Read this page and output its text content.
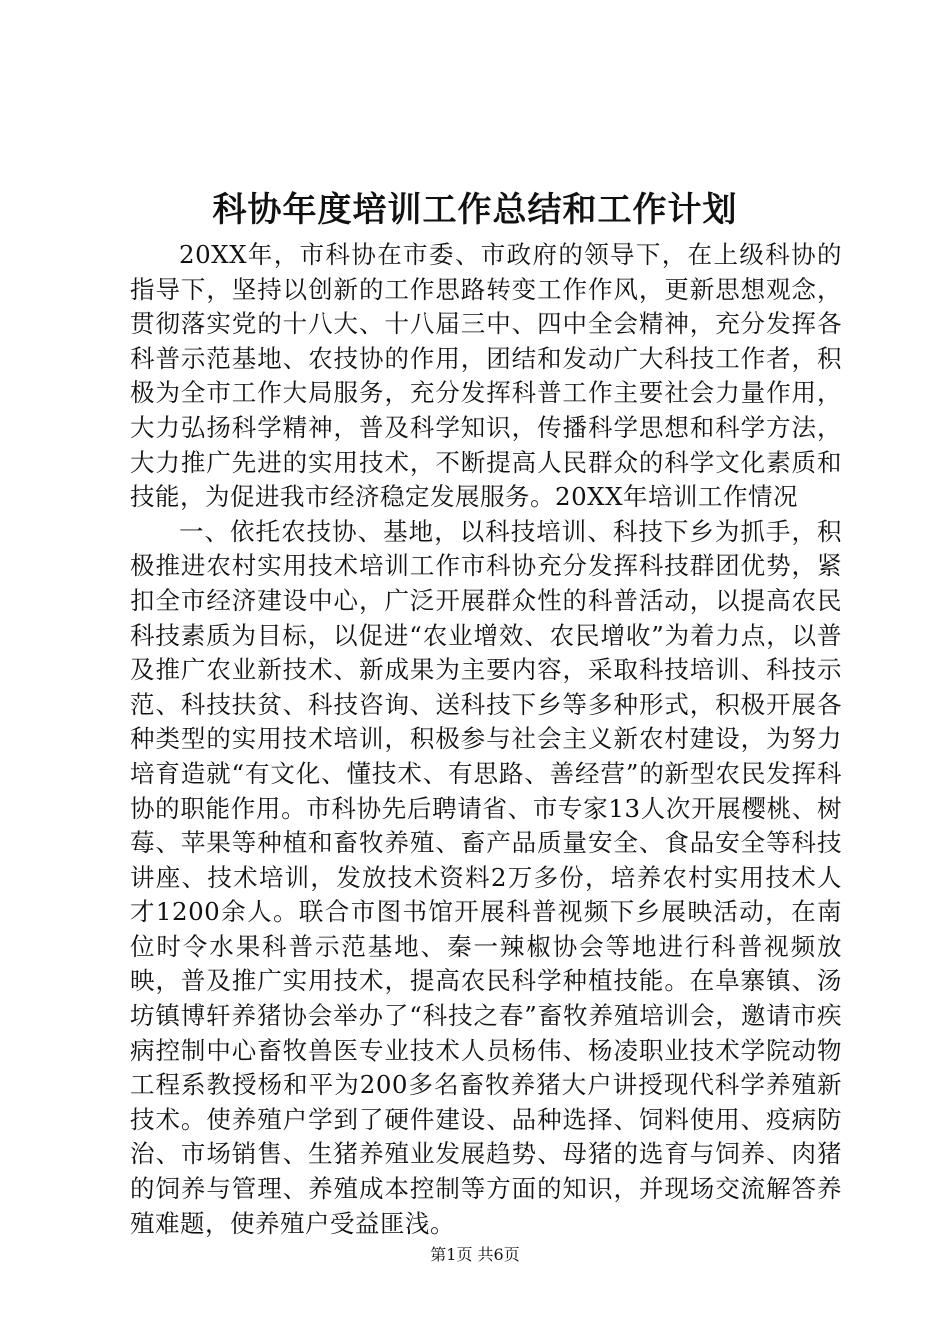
科协年度培训工作总结和工作计划

20XX年，市科协在市委、市政府的领导下，在上级科协的指导下，坚持以创新的工作思路转变工作作风，更新思想观念，贯彻落实党的十八大、十八届三中、四中全会精神，充分发挥各科普示范基地、农技协的作用，团结和发动广大科技工作者，积极为全市工作大局服务，充分发挥科普工作主要社会力量作用，大力弘扬科学精神，普及科学知识，传播科学思想和科学方法，大力推广先进的实用技术，不断提高人民群众的科学文化素质和技能，为促进我市经济稳定发展服务。20XX年培训工作情况

一、依托农技协、基地，以科技培训、科技下乡为抓手，积极推进农村实用技术培训工作市科协充分发挥科技群团优势，紧扣全市经济建设中心，广泛开展群众性的科普活动，以提高农民科技素质为目标，以促进“农业增效、农民增收”为着力点，以普及推广农业新技术、新成果为主要内容，采取科技培训、科技示范、科技扶贫、科技咨询、送科技下乡等多种形式，积极开展各种类型的实用技术培训，积极参与社会主义新农村建设，为努力培育造就“有文化、懂技术、有思路、善经营”的新型农民发挥科协的职能作用。市科协先后聘请省、市专家13人次开展樱桃、树莓、苹果等种植和畜牧养殖、畜产品质量安全、食品安全等科技讲座、技术培训，发放技术资料2万多份，培养农村实用技术人才1200余人。联合市图书馆开展科普视频下乡展映活动，在南位时令水果科普示范基地、秦一辣椒协会等地进行科普视频放映，普及推广实用技术，提高农民科学种植技能。在阜寨镇、汤坊镇博轩养猪协会举办了“科技之春”畜牧养殖培训会，邀请市疾病控制中心畜牧兽医专业技术人员杨伟、杨凌职业技术学院动物工程系教授杨和平为200多名畜牧养猪大户讲授现代科学养殖新技术。使养殖户学到了硬件建设、品种选择、饲料使用、疫病防治、市场销售、生猪养殖业发展趋势、母猪的选育与饲养、肉猪的饲养与管理、养殖成本控制等方面的知识，并现场交流解答养殖难题，使养殖户受益匪浅。

第1页 共6页
